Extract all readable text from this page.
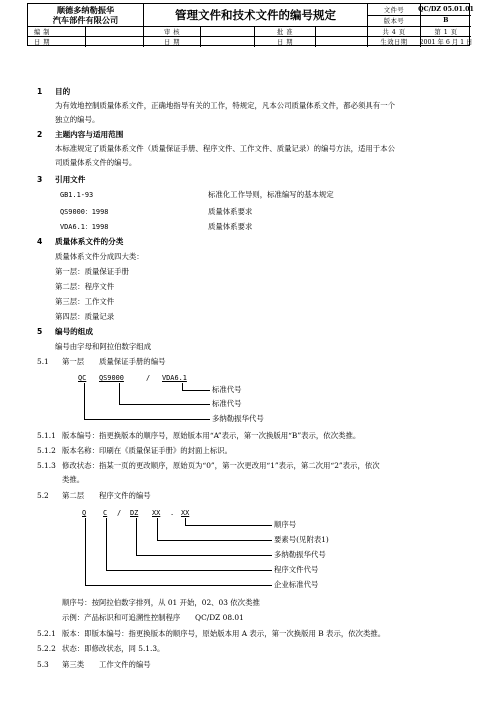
顺德多纳勒振华
汽车部件有限公司	管理文件和技术文件的编号规定	文件号	QC/DZ 05.01.01
版本号	B
编 制	审 核	批 准	共 4 页	第 1 页
日 期	日 期	日 期	生效日期	2001 年 6 月 1 日
1 目的
为有效地控制质量体系文件，正确地指导有关的工作，特规定，凡本公司质量体系文件，都必须具有一个
独立的编号。
2 主题内容与适用范围
本标准规定了质量体系文件（质量保证手册、程序文件、工作文件、质量记录）的编号方法，适用于本公
司质量体系文件的编号。
3 引用文件
GB1.1-93	标准化工作导则，标准编写的基本规定
QS9000：1998	质量体系要求
VDA6.1：1998	质量体系要求
4 质量体系文件的分类
质量体系文件分成四大类：
第一层：质量保证手册
第二层：程序文件
第三层：工作文件
第四层：质量记录
5 编号的组成
编号由字母和阿拉伯数字组成
5.1 第一层　　质量保证手册的编号
QC QS9000	/ VDA6.1
标准代号
标准代号
多纳勒振华代号
5.1.1 版本编号：指更换版本的顺序号，原始版本用“A”表示，第一次换版用“B”表示，依次类推。
5.1.2 版本名称：印刷在《质量保证手册》的封面上标识。
5.1.3 修改状态：指某一页的更改顺序，原始页为“0”，第一次更改用“1”表示，第二次用“2”表示，依次
类推。
5.2 第二层　　程序文件的编号
Q C / DZ XX . XX
顺序号
要素号(见附表1)
多纳勒振华代号
程序文件代号
企业标准代号
顺序号：按阿拉伯数字排列，从 01 开始，02、03 依次类推
示例：产品标识和可追溯性控制程序　　QC/DZ 08.01
5.2.1 版本：即版本编号：指更换版本的顺序号，原始版本用 A 表示，第一次换版用 B 表示，依次类推。
5.2.2 状态：即修改状态，同 5.1.3。
5.3 第三类　　工作文件的编号
